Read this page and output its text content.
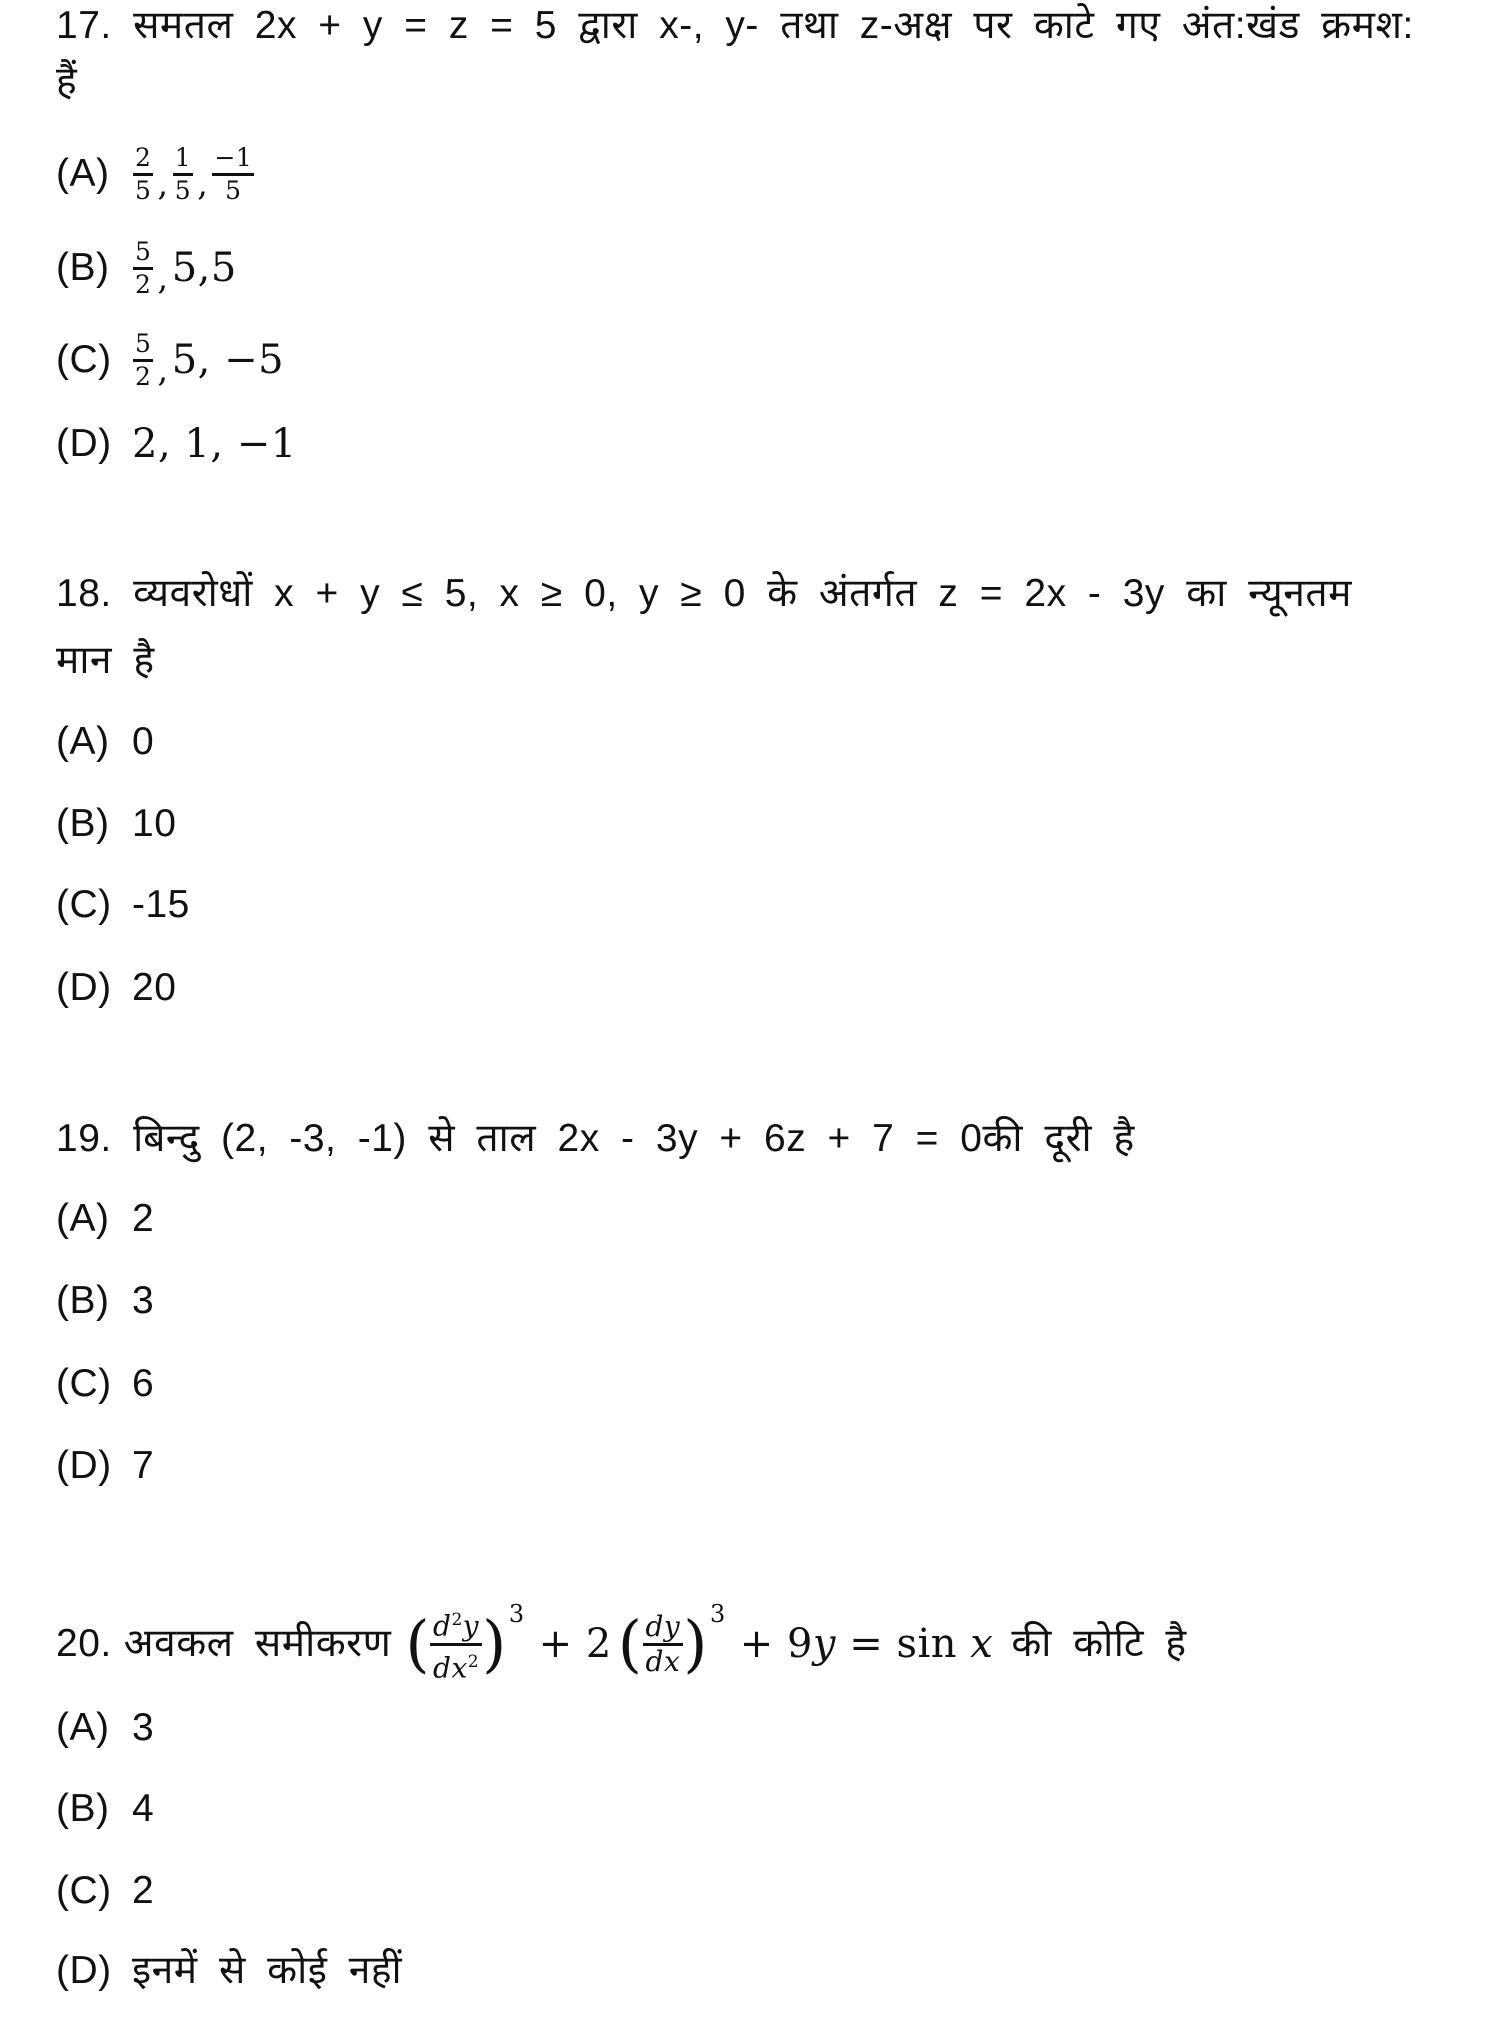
17. समतल 2x + y = z = 5 द्वारा x-, y- तथा z-अक्ष पर काटे गए अंत:खंड क्रमश:
हैं
$(A) \frac{2}{5}$ , $\frac{1}{5}$ , $\frac{-1}{5}$
$(B) \frac{5}{2}$ , 5,5
$(C) \frac{5}{2}$ , 5, −5
(D) 2, 1, −1
18. व्यवरोधों x + y ≤ 5, x ≥ 0, y ≥ 0 के अंतर्गत z = 2x - 3y का न्यूनतम
मान है
(A) 0
(B) 10
(C) -15
(D) 20
19. बिन्दु (2, -3, -1) से ताल 2x - 3y + 6z + 7 = 0की दूरी है
(A) 2
(B) 3
(C) 6
(D) 7
20. अवकल समीकरण ( $\frac{d^2y}{dx^2}$ ) 3
+ 2 ( $\frac{dy}{dx}$ ) 3
+ 9 y = sin x की कोटि है
(A) 3
(B) 4
(C) 2
(D) इनमें से कोई नहीं
